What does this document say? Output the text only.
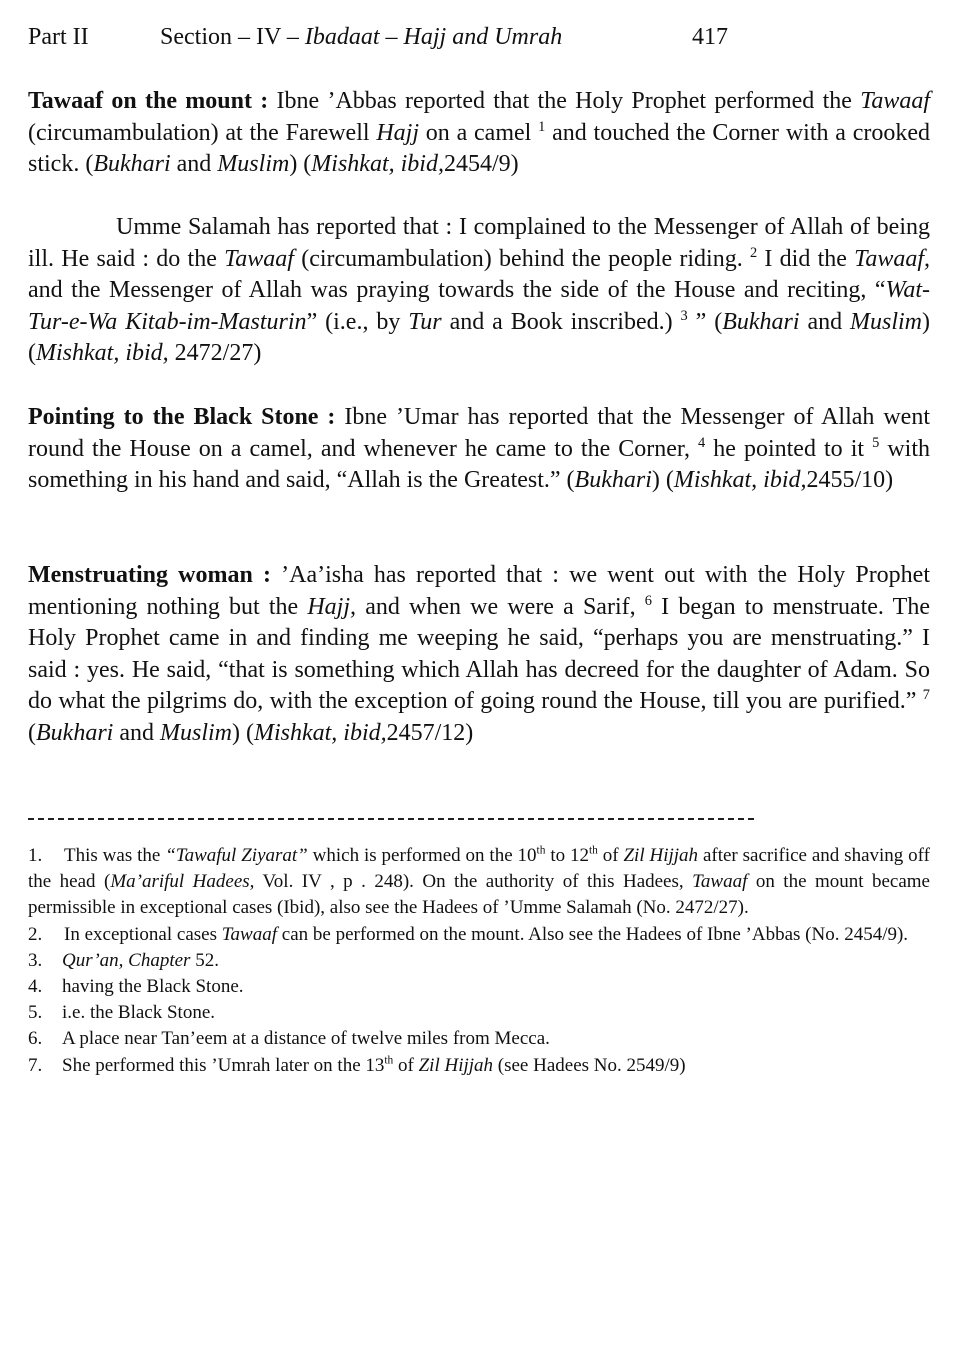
Part II	Section – IV – Ibadaat – Hajj and Umrah	417

Tawaaf on the mount : Ibne ’Abbas reported that the Holy Prophet performed the Tawaaf (circumambulation) at the Farewell Hajj on a camel $^1$ and touched the Corner with a crooked stick. (Bukhari and Muslim) (Mishkat, ibid,2454/9)

Umme Salamah has reported that : I complained to the Messenger of Allah of being ill. He said : do the Tawaaf (circumambulation) behind the people riding. $^2$ I did the Tawaaf, and the Messenger of Allah was praying towards the side of the House and reciting, “Wat-Tur-e-Wa Kitab-im-Masturin” (i.e., by Tur and a Book inscribed.) $^3$ ” (Bukhari and Muslim) (Mishkat, ibid, 2472/27)

Pointing to the Black Stone : Ibne ’Umar has reported that the Messenger of Allah went round the House on a camel, and whenever he came to the Corner, $^4$ he pointed to it $^5$ with something in his hand and said, “Allah is the Greatest.” (Bukhari) (Mishkat, ibid,2455/10)

Menstruating woman : ’Aa’isha has reported that : we went out with the Holy Prophet mentioning nothing but the Hajj, and when we were a Sarif, $^6$ I began to menstruate. The Holy Prophet came in and finding me weeping he said, “perhaps you are menstruating.” I said : yes. He said, “that is something which Allah has decreed for the daughter of Adam. So do what the pilgrims do, with the exception of going round the House, till you are purified.” $^7$ (Bukhari and Muslim) (Mishkat, ibid,2457/12)

1. This was the “Tawaful Ziyarat” which is performed on the 10th to 12th of Zil Hijjah after sacrifice and shaving off the head (Ma’ariful Hadees, Vol. IV , p . 248). On the authority of this Hadees, Tawaaf on the mount became permissible in exceptional cases (Ibid), also see the Hadees of ’Umme Salamah (No. 2472/27).

2. In exceptional cases Tawaaf can be performed on the mount. Also see the Hadees of Ibne ’Abbas (No. 2454/9).

3. Qur’an, Chapter 52.

4. having the Black Stone.

5. i.e. the Black Stone.

6. A place near Tan’eem at a distance of twelve miles from Mecca.

7. She performed this ’Umrah later on the 13th of Zil Hijjah (see Hadees No. 2549/9)
